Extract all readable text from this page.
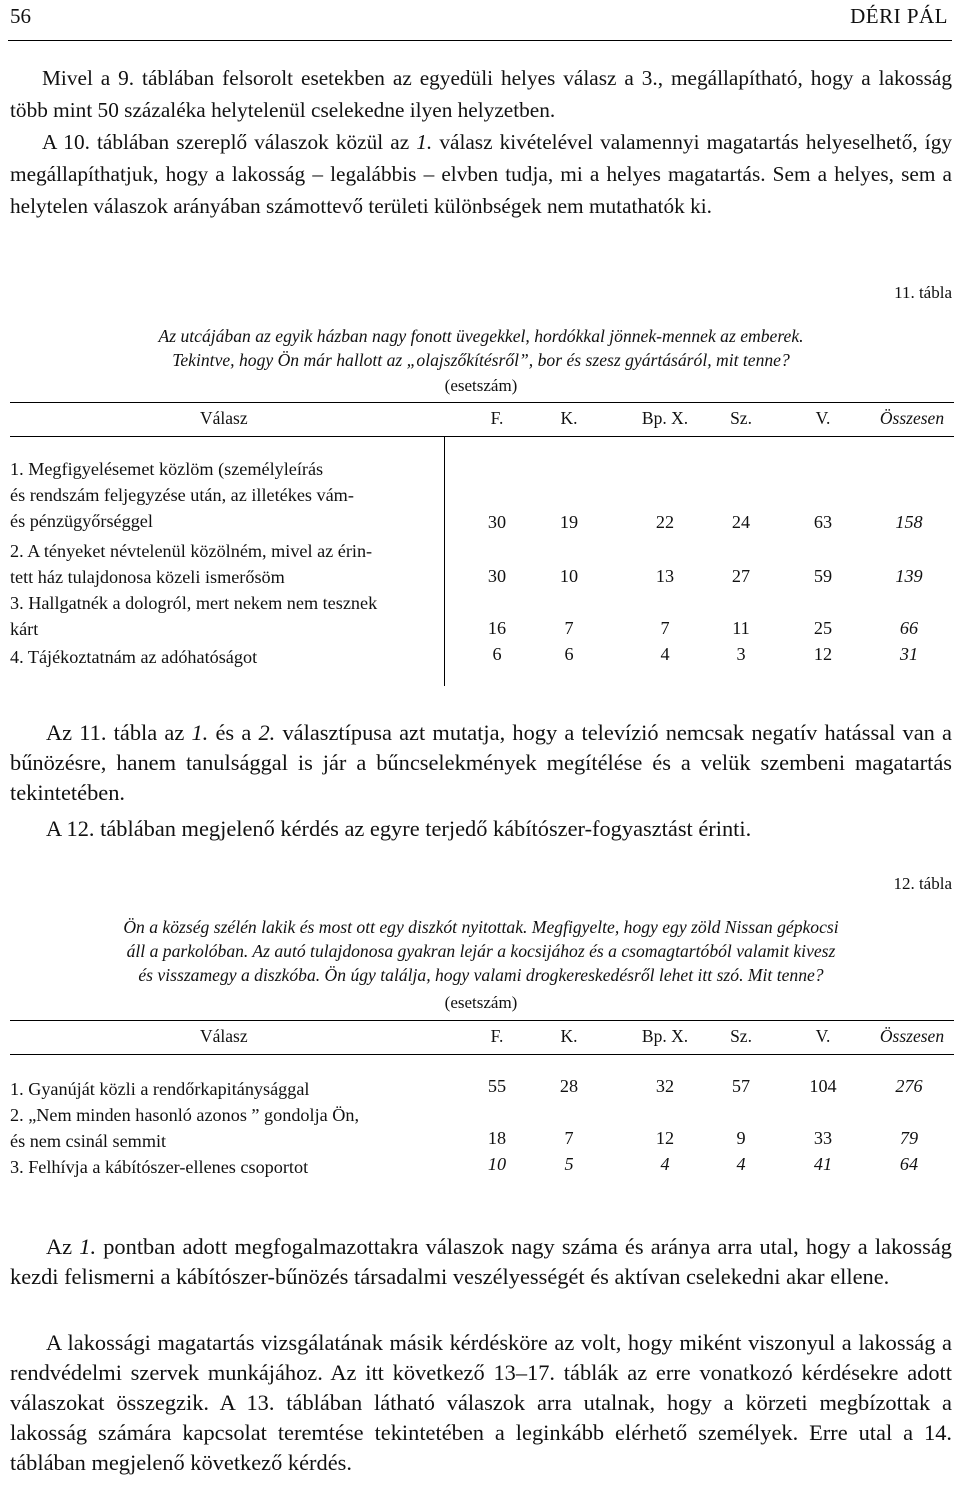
56	DÉRI PÁL
Mivel a 9. táblában felsorolt esetekben az egyedüli helyes válasz a 3., megállapítható, hogy a lakosság több mint 50 százaléka helytelenül cselekedne ilyen helyzetben.
A 10. táblában szereplő válaszok közül az 1. válasz kivételével valamennyi magatartás helyeselhető, így megállapíthatjuk, hogy a lakosság – legalábbis – elvben tudja, mi a helyes magatartás. Sem a helyes, sem a helytelen válaszok arányában számottevő területi különbségek nem mutathatók ki.
11. tábla
Az utcájában az egyik házban nagy fonott üvegekkel, hordókkal jönnek-mennek az emberek.
Tekintve, hogy Ön már hallott az „olajszőkítésről”, bor és szesz gyártásáról, mit tenne?
(esetszám)
Válasz	F.	K.	Bp. X.	Sz.	V.	Összesen
1. Megfigyelésemet közlöm (személyleírás
és rendszám feljegyzése után, az illetékes vám-
és pénzügyőrséggel	30	19	22	24	63	158
2. A tényeket névtelenül közölném, mivel az érin-
tett ház tulajdonosa közeli ismerősöm	30	10	13	27	59	139
3. Hallgatnék a dologról, mert nekem nem tesznek
kárt	16	7	7	11	25	66
4. Tájékoztatnám az adóhatóságot	6	6	4	3	12	31
Az 11. tábla az 1. és a 2. választípusa azt mutatja, hogy a televízió nemcsak negatív hatással van a bűnözésre, hanem tanulsággal is jár a bűncselekmények megítélése és a velük szembeni magatartás tekintetében.
A 12. táblában megjelenő kérdés az egyre terjedő kábítószer-fogyasztást érinti.
12. tábla
Ön a község szélén lakik és most ott egy diszkót nyitottak. Megfigyelte, hogy egy zöld Nissan gépkocsi
áll a parkolóban. Az autó tulajdonosa gyakran lejár a kocsijához és a csomagtartóból valamit kivesz
és visszamegy a diszkóba. Ön úgy találja, hogy valami drogkereskedésről lehet itt szó. Mit tenne?
(esetszám)
Válasz	F.	K.	Bp. X.	Sz.	V.	Összesen
1. Gyanúját közli a rendőrkapitánysággal	55	28	32	57	104	276
2. „Nem minden hasonló azonos ” gondolja Ön,
és nem csinál semmit	18	7	12	9	33	79
3. Felhívja a kábítószer-ellenes csoportot	10	5	4	4	41	64
Az 1. pontban adott megfogalmazottakra válaszok nagy száma és aránya arra utal, hogy a lakosság kezdi felismerni a kábítószer-bűnözés társadalmi veszélyességét és aktívan cselekedni akar ellene.
A lakossági magatartás vizsgálatának másik kérdésköre az volt, hogy miként viszonyul a lakosság a rendvédelmi szervek munkájához. Az itt következő 13–17. táblák az erre vonatkozó kérdésekre adott válaszokat összegzik. A 13. táblában látható válaszok arra utalnak, hogy a körzeti megbízottak a lakosság számára kapcsolat teremtése tekintetében a leginkább elérhető személyek. Erre utal a 14. táblában megjelenő következő kérdés.
